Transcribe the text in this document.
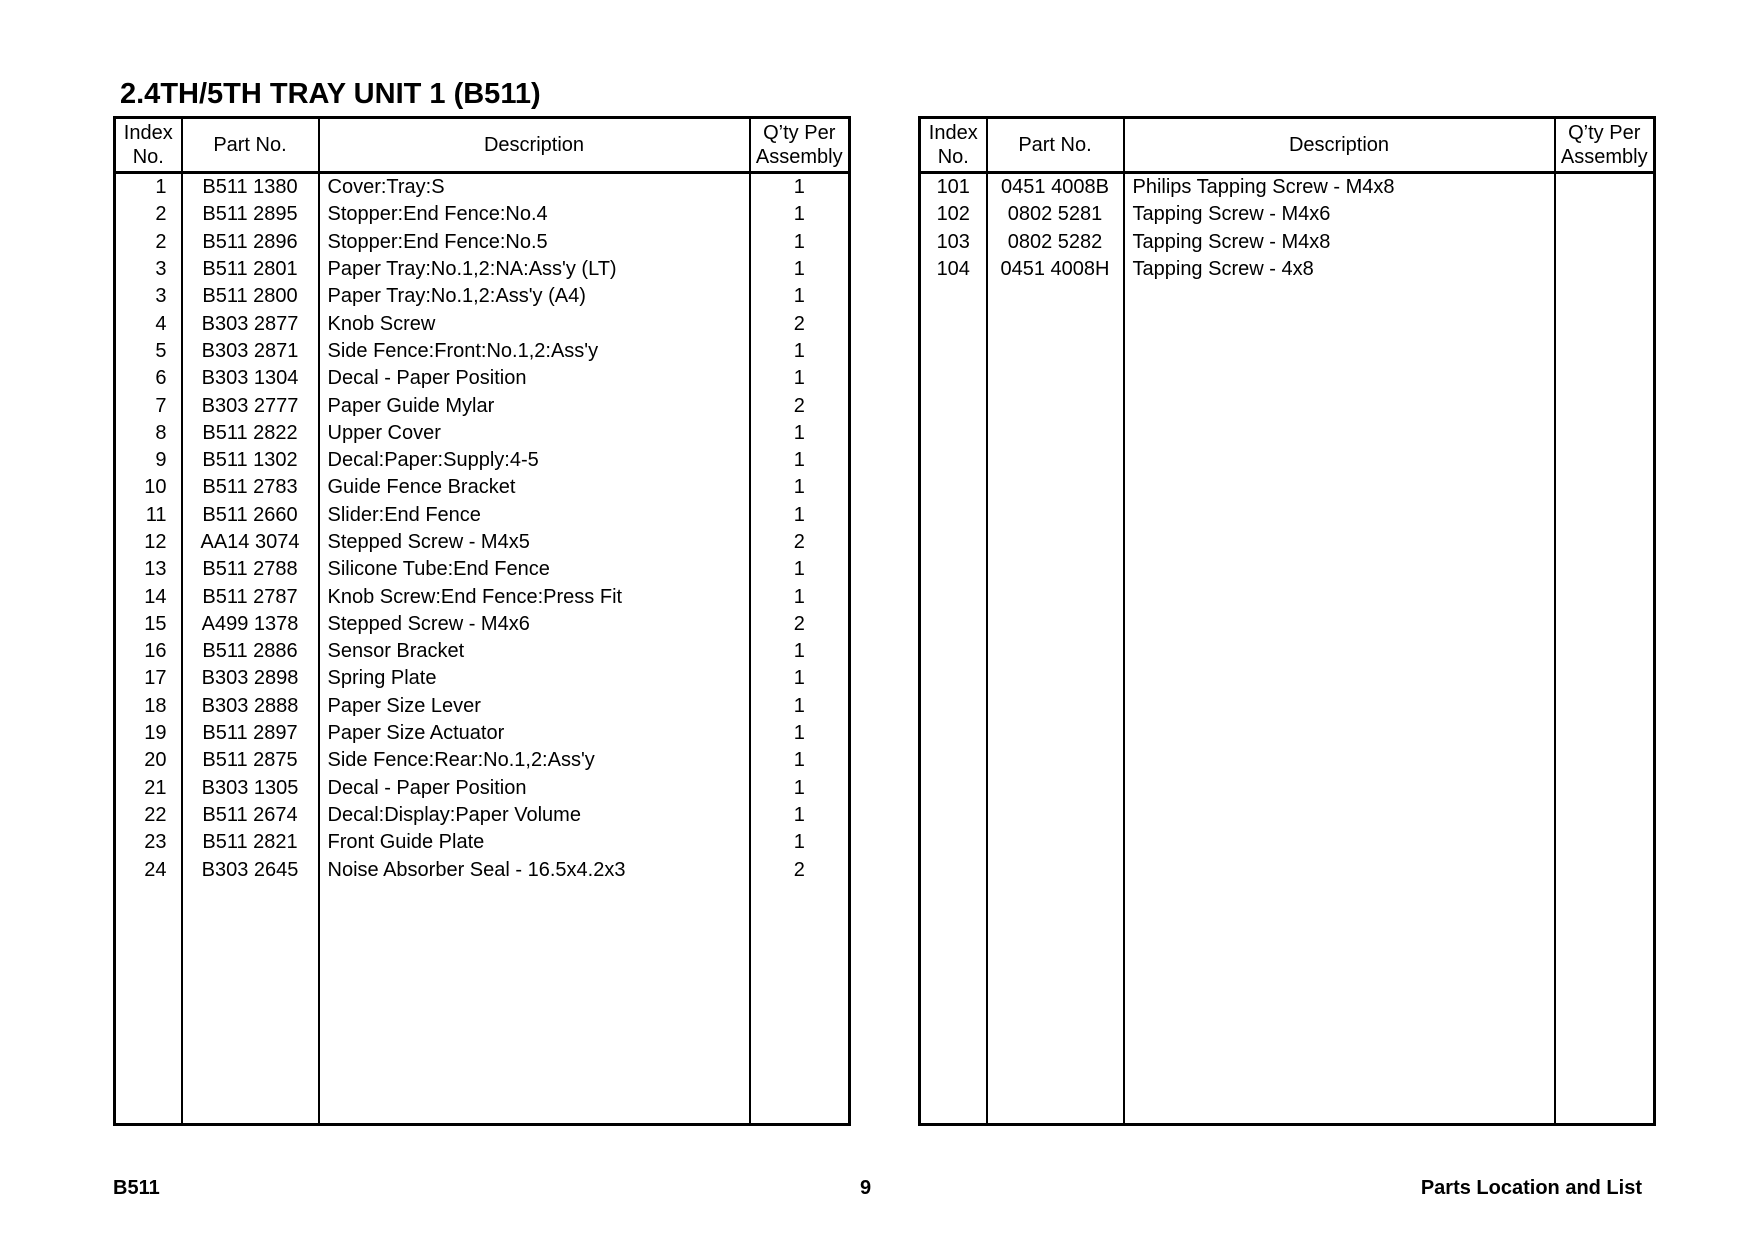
2.4TH/5TH TRAY UNIT 1 (B511)
Index
No.	Part No.	Description	Q’ty Per
Assembly
1	B511 1380	Cover:Tray:S	1
2	B511 2895	Stopper:End Fence:No.4	1
2	B511 2896	Stopper:End Fence:No.5	1
3	B511 2801	Paper Tray:No.1,2:NA:Ass'y (LT)	1
3	B511 2800	Paper Tray:No.1,2:Ass'y (A4)	1
4	B303 2877	Knob Screw	2
5	B303 2871	Side Fence:Front:No.1,2:Ass'y	1
6	B303 1304	Decal - Paper Position	1
7	B303 2777	Paper Guide Mylar	2
8	B511 2822	Upper Cover	1
9	B511 1302	Decal:Paper:Supply:4-5	1
10	B511 2783	Guide Fence Bracket	1
11	B511 2660	Slider:End Fence	1
12	AA14 3074	Stepped Screw - M4x5	2
13	B511 2788	Silicone Tube:End Fence	1
14	B511 2787	Knob Screw:End Fence:Press Fit	1
15	A499 1378	Stepped Screw - M4x6	2
16	B511 2886	Sensor Bracket	1
17	B303 2898	Spring Plate	1
18	B303 2888	Paper Size Lever	1
19	B511 2897	Paper Size Actuator	1
20	B511 2875	Side Fence:Rear:No.1,2:Ass'y	1
21	B303 1305	Decal - Paper Position	1
22	B511 2674	Decal:Display:Paper Volume	1
23	B511 2821	Front Guide Plate	1
24	B303 2645	Noise Absorber Seal - 16.5x4.2x3	2

Index
No.	Part No.	Description	Q’ty Per
Assembly
101	0451 4008B	Philips Tapping Screw - M4x8	
102	0802 5281	Tapping Screw - M4x6	
103	0802 5282	Tapping Screw - M4x8	
104	0451 4008H	Tapping Screw - 4x8	

B511	9	Parts Location and List
